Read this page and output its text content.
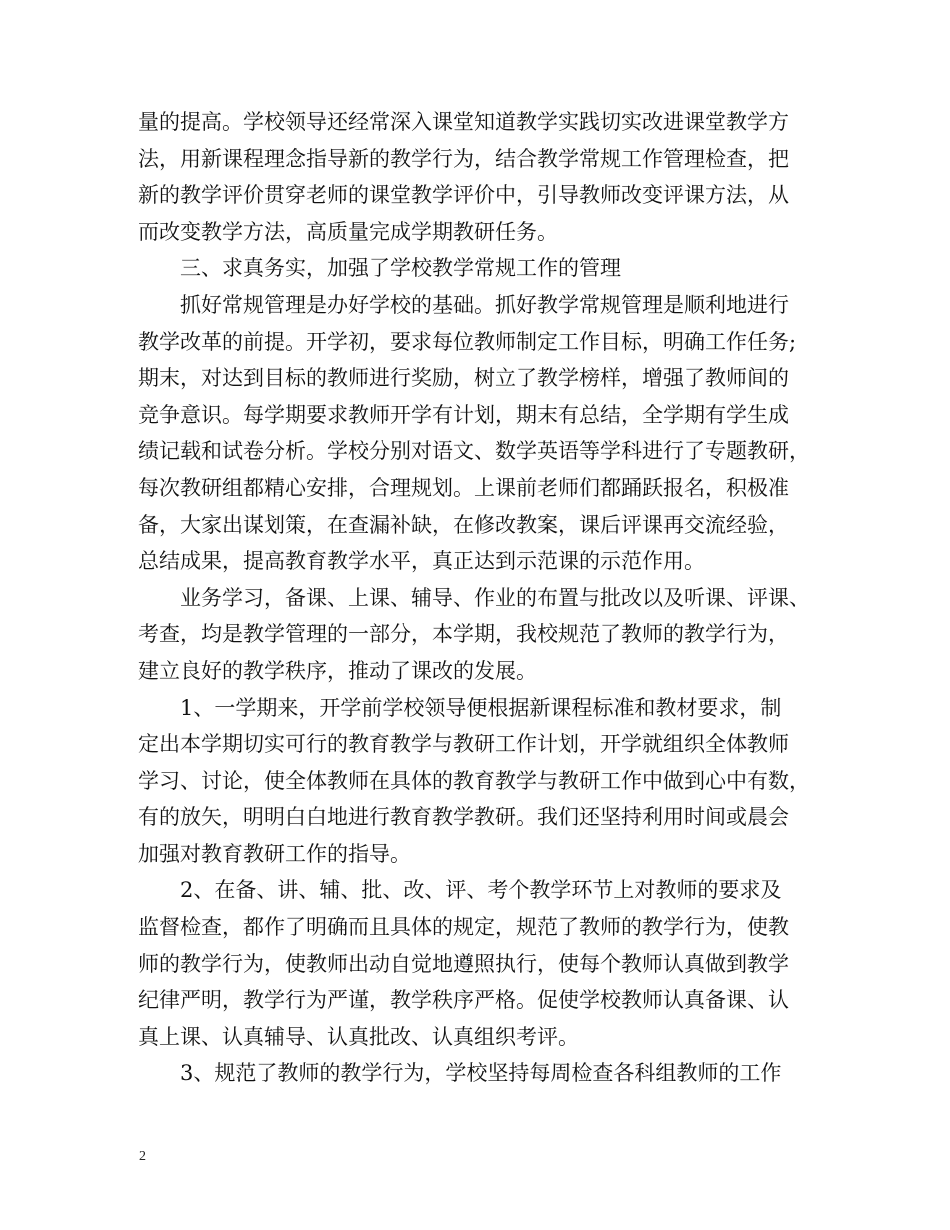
量的提高。学校领导还经常深入课堂知道教学实践切实改进课堂教学方
法，用新课程理念指导新的教学行为，结合教学常规工作管理检查，把
新的教学评价贯穿老师的课堂教学评价中，引导教师改变评课方法，从
而改变教学方法，高质量完成学期教研任务。
三、求真务实，加强了学校教学常规工作的管理
抓好常规管理是办好学校的基础。抓好教学常规管理是顺利地进行
教学改革的前提。开学初，要求每位教师制定工作目标，明确工作任务;
期末，对达到目标的教师进行奖励，树立了教学榜样，增强了教师间的
竞争意识。每学期要求教师开学有计划，期末有总结，全学期有学生成
绩记载和试卷分析。学校分别对语文、数学英语等学科进行了专题教研，
每次教研组都精心安排，合理规划。上课前老师们都踊跃报名，积极准
备，大家出谋划策，在查漏补缺，在修改教案，课后评课再交流经验，
总结成果，提高教育教学水平，真正达到示范课的示范作用。
业务学习，备课、上课、辅导、作业的布置与批改以及听课、评课、
考查，均是教学管理的一部分，本学期，我校规范了教师的教学行为，
建立良好的教学秩序，推动了课改的发展。
1、一学期来，开学前学校领导便根据新课程标准和教材要求，制
定出本学期切实可行的教育教学与教研工作计划，开学就组织全体教师
学习、讨论，使全体教师在具体的教育教学与教研工作中做到心中有数，
有的放矢，明明白白地进行教育教学教研。我们还坚持利用时间或晨会
加强对教育教研工作的指导。
2、在备、讲、辅、批、改、评、考个教学环节上对教师的要求及
监督检查，都作了明确而且具体的规定，规范了教师的教学行为，使教
师的教学行为，使教师出动自觉地遵照执行，使每个教师认真做到教学
纪律严明，教学行为严谨，教学秩序严格。促使学校教师认真备课、认
真上课、认真辅导、认真批改、认真组织考评。
3、规范了教师的教学行为，学校坚持每周检查各科组教师的工作
2
